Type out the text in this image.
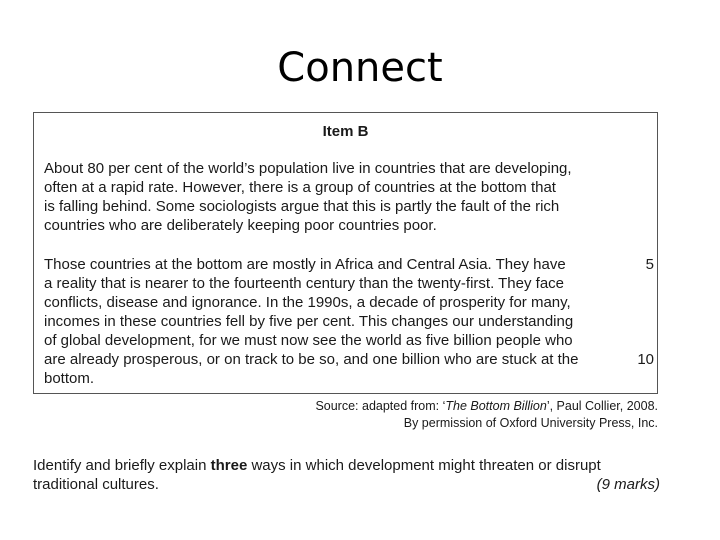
Connect
Item B

About 80 per cent of the world’s population live in countries that are developing,
often at a rapid rate. However, there is a group of countries at the bottom that
is falling behind. Some sociologists argue that this is partly the fault of the rich
countries who are deliberately keeping poor countries poor.

Those countries at the bottom are mostly in Africa and Central Asia. They have
a reality that is nearer to the fourteenth century than the twenty-first. They face
conflicts, disease and ignorance. In the 1990s, a decade of prosperity for many,
incomes in these countries fell by five per cent. This changes our understanding
of global development, for we must now see the world as five billion people who
are already prosperous, or on track to be so, and one billion who are stuck at the
bottom.

5
10
Source: adapted from: ‘The Bottom Billion’, Paul Collier, 2008.
By permission of Oxford University Press, Inc.
Identify and briefly explain three ways in which development might threaten or disrupt
traditional cultures.	(9 marks)
